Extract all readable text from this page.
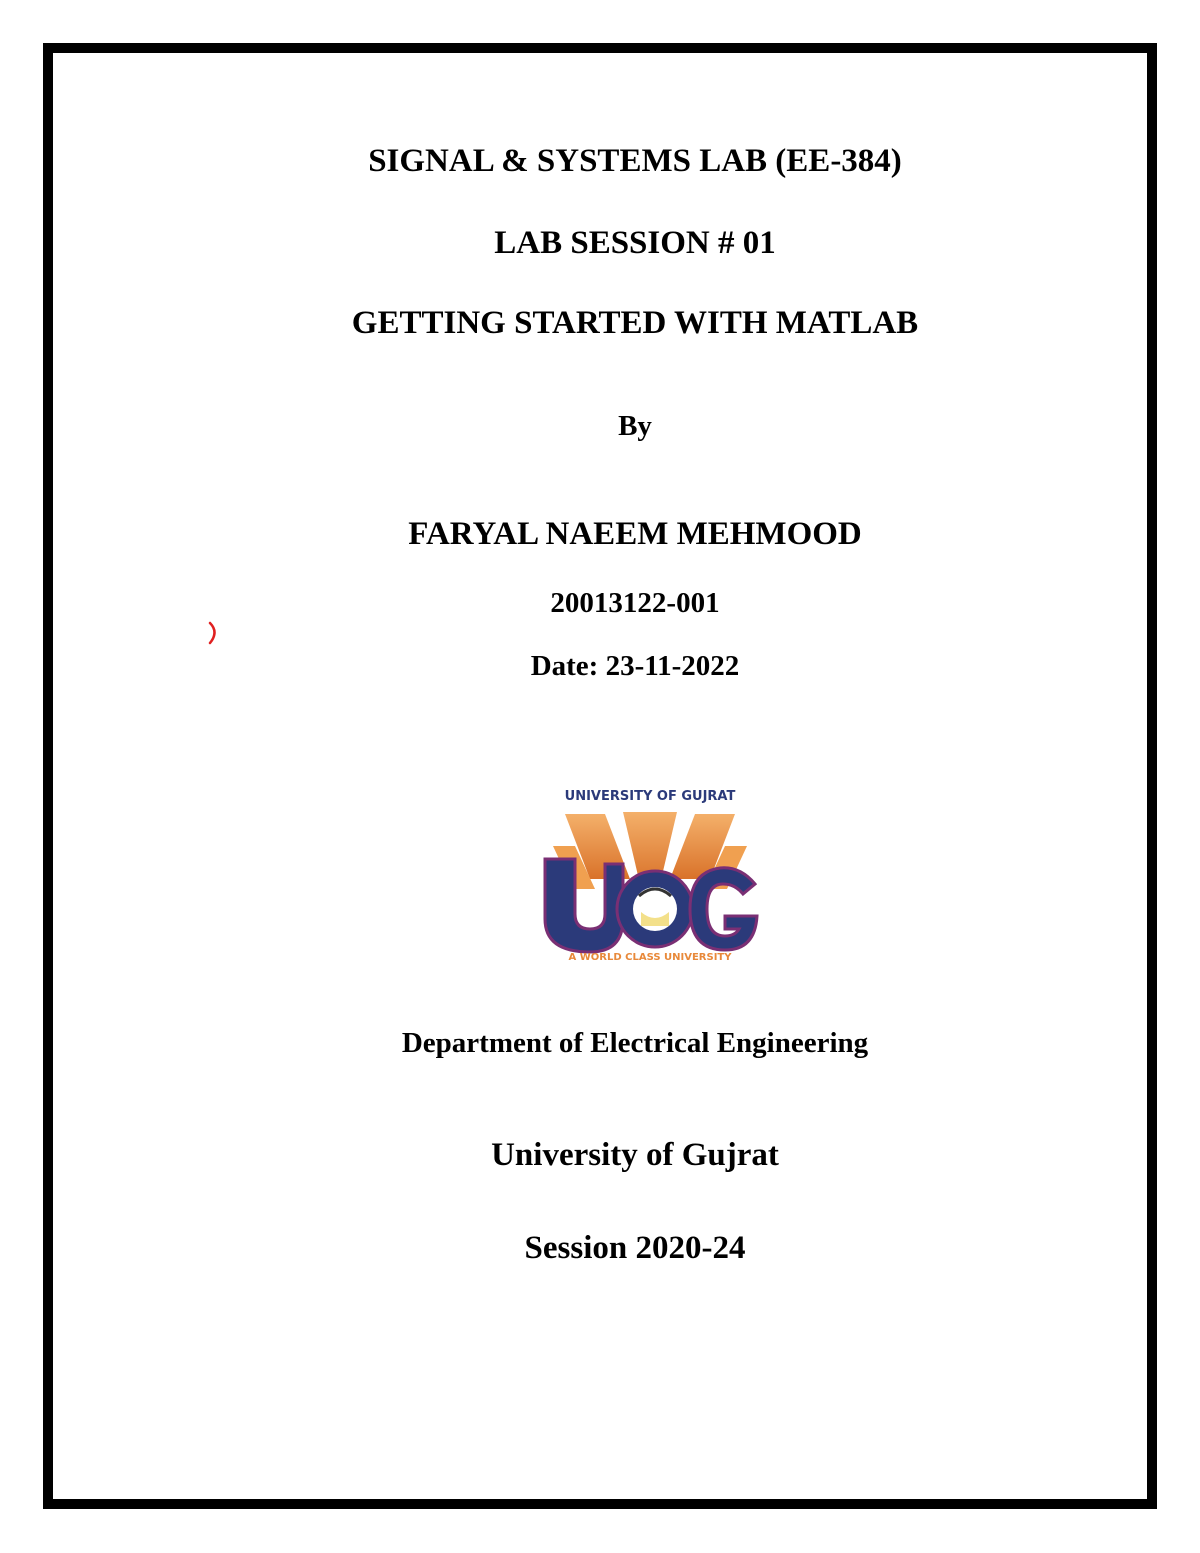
SIGNAL & SYSTEMS LAB (EE-384)
LAB SESSION # 01
GETTING STARTED WITH MATLAB
By
FARYAL NAEEM MEHMOOD
20013122-001
Date: 23-11-2022
UNIVERSITY OF GUJRAT
A WORLD CLASS UNIVERSITY
Department of Electrical Engineering
University of Gujrat
Session 2020-24
